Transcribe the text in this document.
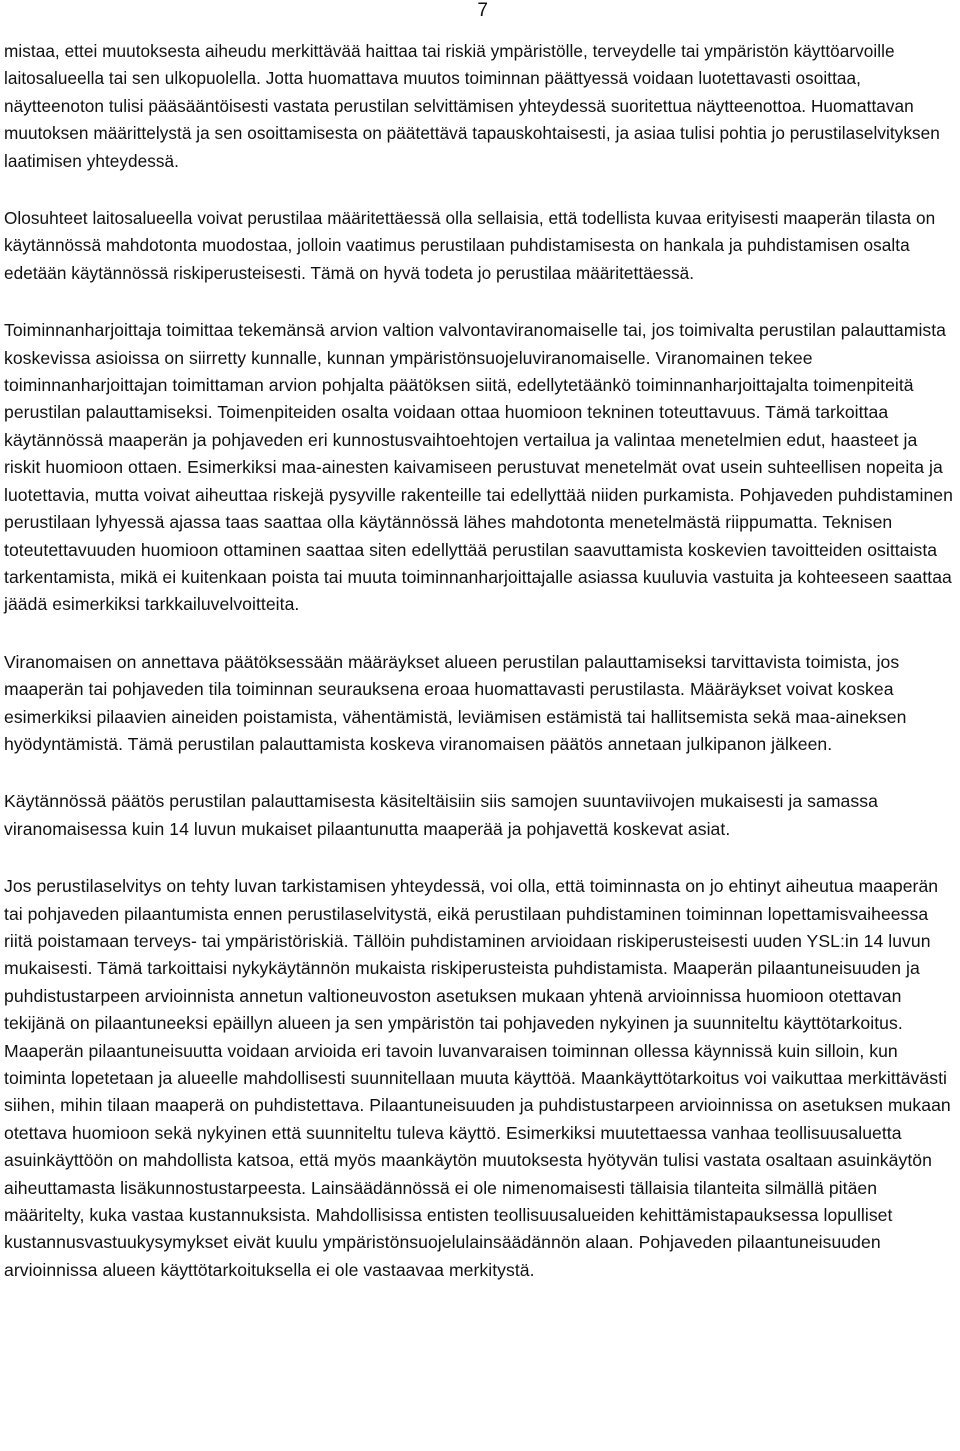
7

mistaa, ettei muutoksesta aiheudu merkittävää haittaa tai riskiä ympäristölle, terveydelle tai ympäristön käyttöarvoille laitosalueella tai sen ulkopuolella. Jotta huomattava muutos toiminnan päättyessä voidaan luotettavasti osoittaa, näytteenoton tulisi pääsääntöisesti vastata perustilan selvittämisen yhteydessä suoritettua näytteenottoa. Huomattavan muutoksen määrittelystä ja sen osoittamisesta on päätettävä tapauskohtaisesti, ja asiaa tulisi pohtia jo perustilaselvityksen laatimisen yhteydessä.

Olosuhteet laitosalueella voivat perustilaa määritettäessä olla sellaisia, että todellista kuvaa erityisesti maaperän tilasta on käytännössä mahdotonta muodostaa, jolloin vaatimus perustilaan puhdistamisesta on hankala ja puhdistamisen osalta edetään käytännössä riskiperusteisesti. Tämä on hyvä todeta jo perustilaa määritettäessä.

Toiminnanharjoittaja toimittaa tekemänsä arvion valtion valvontaviranomaiselle tai, jos toimivalta perustilan palauttamista koskevissa asioissa on siirretty kunnalle, kunnan ympäristönsuojeluviranomaiselle. Viranomainen tekee toiminnanharjoittajan toimittaman arvion pohjalta päätöksen siitä, edellytetäänkö toiminnanharjoittajalta toimenpiteitä perustilan palauttamiseksi. Toimenpiteiden osalta voidaan ottaa huomioon tekninen toteuttavuus. Tämä tarkoittaa käytännössä maaperän ja pohjaveden eri kunnostusvaihtoehtojen vertailua ja valintaa menetelmien edut, haasteet ja riskit huomioon ottaen. Esimerkiksi maa-ainesten kaivamiseen perustuvat menetelmät ovat usein suhteellisen nopeita ja luotettavia, mutta voivat aiheuttaa riskejä pysyville rakenteille tai edellyttää niiden purkamista. Pohjaveden puhdistaminen perustilaan lyhyessä ajassa taas saattaa olla käytännössä lähes mahdotonta menetelmästä riippumatta. Teknisen toteutettavuuden huomioon ottaminen saattaa siten edellyttää perustilan saavuttamista koskevien tavoitteiden osittaista tarkentamista, mikä ei kuitenkaan poista tai muuta toiminnanharjoittajalle asiassa kuuluvia vastuita ja kohteeseen saattaa jäädä esimerkiksi tarkkailuvelvoitteita.

Viranomaisen on annettava päätöksessään määräykset alueen perustilan palauttamiseksi tarvittavista toimista, jos maaperän tai pohjaveden tila toiminnan seurauksena eroaa huomattavasti perustilasta. Määräykset voivat koskea esimerkiksi pilaavien aineiden poistamista, vähentämistä, leviämisen estämistä tai hallitsemista sekä maa-aineksen hyödyntämistä. Tämä perustilan palauttamista koskeva viranomaisen päätös annetaan julkipanon jälkeen.

Käytännössä päätös perustilan palauttamisesta käsiteltäisiin siis samojen suuntaviivojen mukaisesti ja samassa viranomaisessa kuin 14 luvun mukaiset pilaantunutta maaperää ja pohjavettä koskevat asiat.

Jos perustilaselvitys on tehty luvan tarkistamisen yhteydessä, voi olla, että toiminnasta on jo ehtinyt aiheutua maaperän tai pohjaveden pilaantumista ennen perustilaselvitystä, eikä perustilaan puhdistaminen toiminnan lopettamisvaiheessa riitä poistamaan terveys- tai ympäristöriskiä. Tällöin puhdistaminen arvioidaan riskiperusteisesti uuden YSL:in 14 luvun mukaisesti. Tämä tarkoittaisi nykykäytännön mukaista riskiperusteista puhdistamista. Maaperän pilaantuneisuuden ja puhdistustarpeen arvioinnista annetun valtioneuvoston asetuksen mukaan yhtenä arvioinnissa huomioon otettavan tekijänä on pilaantuneeksi epäillyn alueen ja sen ympäristön tai pohjaveden nykyinen ja suunniteltu käyttötarkoitus. Maaperän pilaantuneisuutta voidaan arvioida eri tavoin luvanvaraisen toiminnan ollessa käynnissä kuin silloin, kun toiminta lopetetaan ja alueelle mahdollisesti suunnitellaan muuta käyttöä. Maankäyttötarkoitus voi vaikuttaa merkittävästi siihen, mihin tilaan maaperä on puhdistettava. Pilaantuneisuuden ja puhdistustarpeen arvioinnissa on asetuksen mukaan otettava huomioon sekä nykyinen että suunniteltu tuleva käyttö. Esimerkiksi muutettaessa vanhaa teollisuusaluetta asuinkäyttöön on mahdollista katsoa, että myös maankäytön muutoksesta hyötyvän tulisi vastata osaltaan asuinkäytön aiheuttamasta lisäkunnostustarpeesta. Lainsäädännössä ei ole nimenomaisesti tällaisia tilanteita silmällä pitäen määritelty, kuka vastaa kustannuksista. Mahdollisissa entisten teollisuusalueiden kehittämistapauksessa lopulliset kustannusvastuukysymykset eivät kuulu ympäristönsuojelulainsäädännön alaan. Pohjaveden pilaantuneisuuden arvioinnissa alueen käyttötarkoituksella ei ole vastaavaa merkitystä.
